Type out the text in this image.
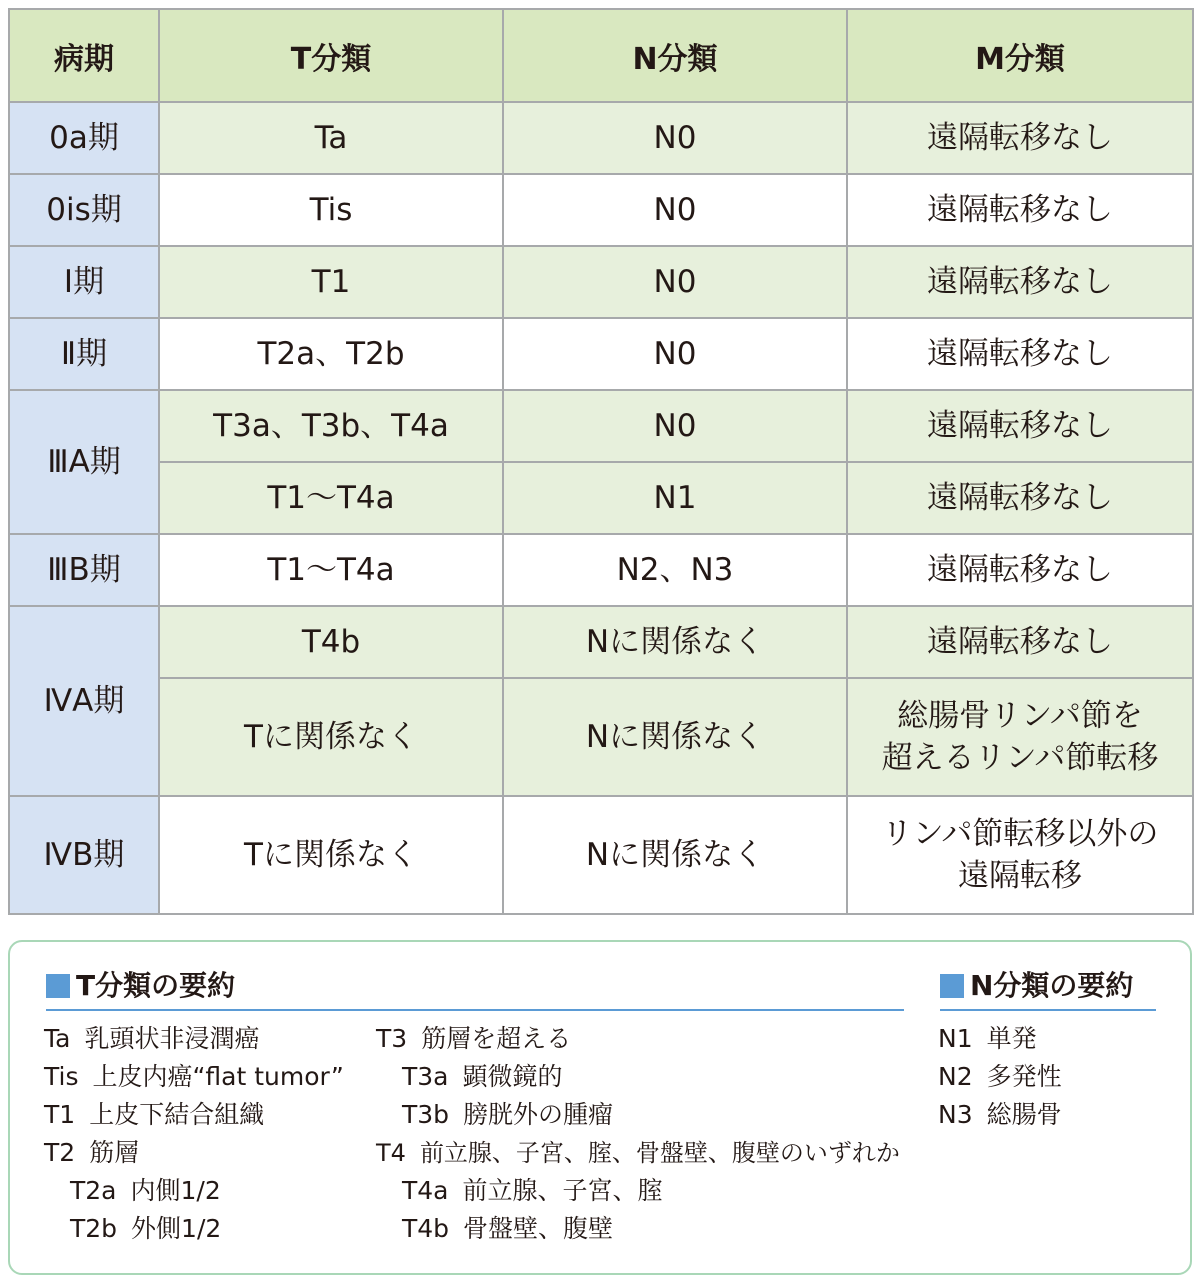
病期	T分類	N分類	M分類
0a期	Ta	N0	遠隔転移なし

0is期	Tis	N0	遠隔転移なし

Ⅰ期	T1	N0	遠隔転移なし

Ⅱ期	T2a、T2b	N0	遠隔転移なし

ⅢA期	T3a、T3b、T4a	N0	遠隔転移なし

	T1～T4a	N1	遠隔転移なし

ⅢB期	T1～T4a	N2、N3	遠隔転移なし

ⅣA期	T4b	Nに関係なく	遠隔転移なし

	Tに関係なく	Nに関係なく	総腸骨リンパ節を
超えるリンパ節転移

ⅣB期	Tに関係なく	Nに関係なく	リンパ節転移以外の
遠隔転移
T分類の要約
Ta 乳頭状非浸潤癌
Tis 上皮内癌“flat tumor”
T1 上皮下結合組織
T2 筋層
T2a 内側1/2
T2b 外側1/2
T3 筋層を超える
T3a 顕微鏡的
T3b 膀胱外の腫瘤
T4 前立腺、子宮、腟、骨盤壁、腹壁のいずれか
T4a 前立腺、子宮、腟
T4b 骨盤壁、腹壁
N分類の要約
N1 単発
N2 多発性
N3 総腸骨
